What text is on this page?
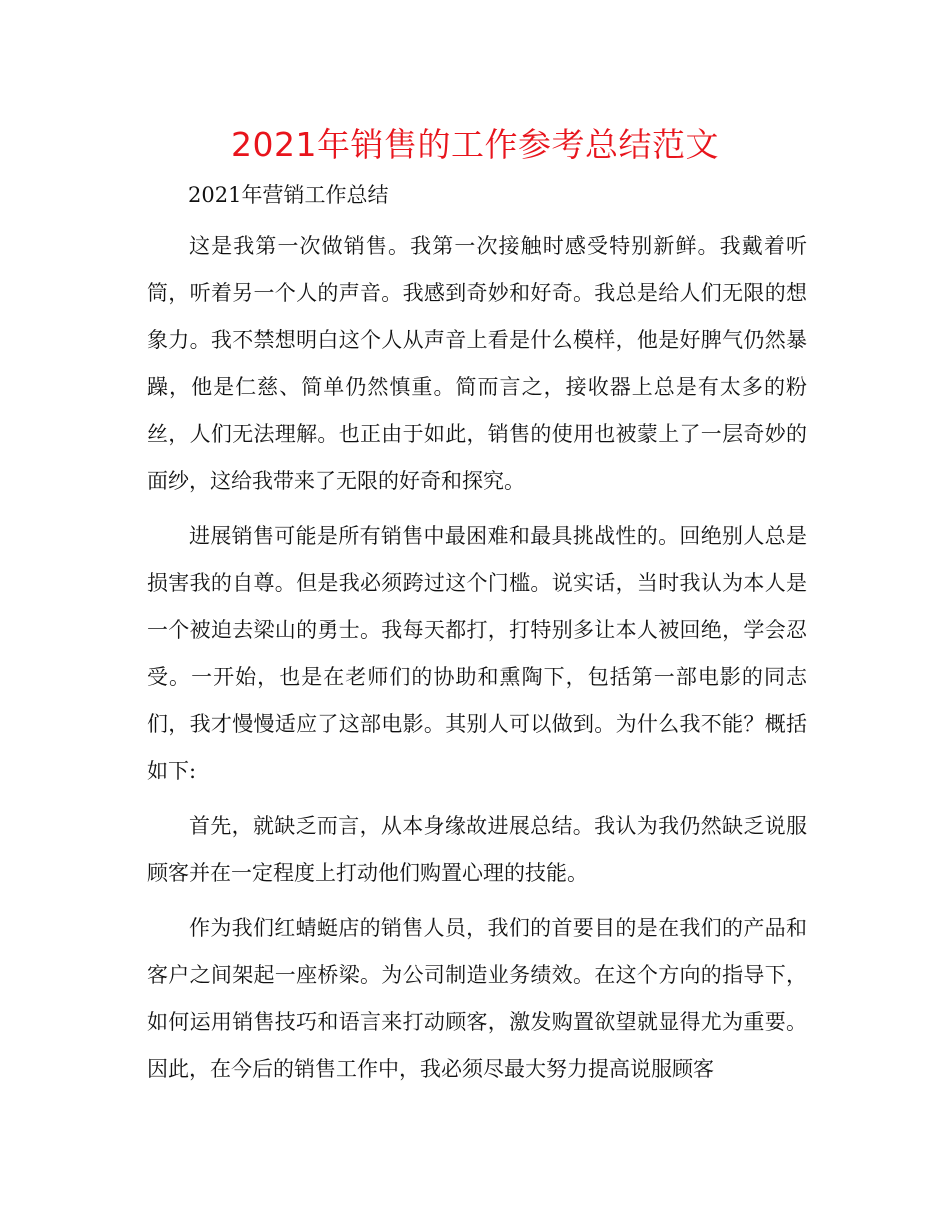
2021年销售的工作参考总结范文
2021年营销工作总结

这是我第一次做销售。我第一次接触时感受特别新鲜。我戴着听筒，听着另一个人的声音。我感到奇妙和好奇。我总是给人们无限的想象力。我不禁想明白这个人从声音上看是什么模样，他是好脾气仍然暴躁，他是仁慈、简单仍然慎重。简而言之，接收器上总是有太多的粉丝，人们无法理解。也正由于如此，销售的使用也被蒙上了一层奇妙的面纱，这给我带来了无限的好奇和探究。

进展销售可能是所有销售中最困难和最具挑战性的。回绝别人总是损害我的自尊。但是我必须跨过这个门槛。说实话，当时我认为本人是一个被迫去梁山的勇士。我每天都打，打特别多让本人被回绝，学会忍受。一开始，也是在老师们的协助和熏陶下，包括第一部电影的同志们，我才慢慢适应了这部电影。其别人可以做到。为什么我不能？概括如下:

首先，就缺乏而言，从本身缘故进展总结。我认为我仍然缺乏说服顾客并在一定程度上打动他们购置心理的技能。

作为我们红蜻蜓店的销售人员，我们的首要目的是在我们的产品和客户之间架起一座桥梁。为公司制造业务绩效。在这个方向的指导下，如何运用销售技巧和语言来打动顾客，激发购置欲望就显得尤为重要。因此，在今后的销售工作中，我必须尽最大努力提高说服顾客
